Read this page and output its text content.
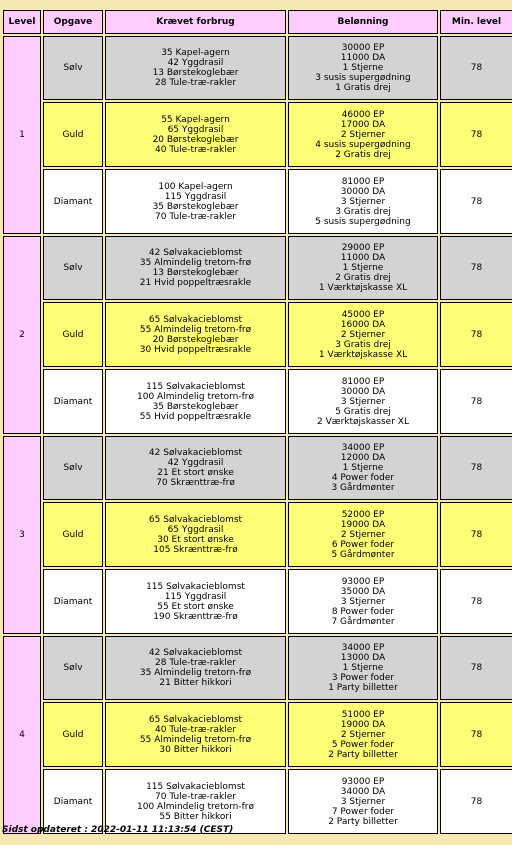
Level	Opgave	Krævet forbrug	Belønning	Min. level
1	Sølv	35 Kapel-agern
42 Yggdrasil
13 Børstekoglebær
28 Tule-træ-rakler	30000 EP
11000 DA
1 Stjerne
3 susis supergødning
1 Gratis drej	78
	Guld	55 Kapel-agern
65 Yggdrasil
20 Børstekoglebær
40 Tule-træ-rakler	46000 EP
17000 DA
2 Stjerner
4 susis supergødning
2 Gratis drej	78
	Diamant	100 Kapel-agern
115 Yggdrasil
35 Børstekoglebær
70 Tule-træ-rakler	81000 EP
30000 DA
3 Stjerner
3 Gratis drej
5 susis supergødning	78
2	Sølv	42 Sølvakacieblomst
35 Almindelig tretorn-frø
13 Børstekoglebær
21 Hvid poppeltræsrakle	29000 EP
11000 DA
1 Stjerne
2 Gratis drej
1 Værktøjskasse XL	78
	Guld	65 Sølvakacieblomst
55 Almindelig tretorn-frø
20 Børstekoglebær
30 Hvid poppeltræsrakle	45000 EP
16000 DA
2 Stjerner
3 Gratis drej
1 Værktøjskasse XL	78
	Diamant	115 Sølvakacieblomst
100 Almindelig tretorn-frø
35 Børstekoglebær
55 Hvid poppeltræsrakle	81000 EP
30000 DA
3 Stjerner
5 Gratis drej
2 Værktøjskasser XL	78
3	Sølv	42 Sølvakacieblomst
42 Yggdrasil
21 Et stort ønske
70 Skrænttræ-frø	34000 EP
12000 DA
1 Stjerne
4 Power foder
3 Gårdmønter	78
	Guld	65 Sølvakacieblomst
65 Yggdrasil
30 Et stort ønske
105 Skrænttræ-frø	52000 EP
19000 DA
2 Stjerner
6 Power foder
5 Gårdmønter	78
	Diamant	115 Sølvakacieblomst
115 Yggdrasil
55 Et stort ønske
190 Skrænttræ-frø	93000 EP
35000 DA
3 Stjerner
8 Power foder
7 Gårdmønter	78
4	Sølv	42 Sølvakacieblomst
28 Tule-træ-rakler
35 Almindelig tretorn-frø
21 Bitter hikkori	34000 EP
13000 DA
1 Stjerne
3 Power foder
1 Party billetter	78
	Guld	65 Sølvakacieblomst
40 Tule-træ-rakler
55 Almindelig tretorn-frø
30 Bitter hikkori	51000 EP
19000 DA
2 Stjerner
5 Power foder
2 Party billetter	78
	Diamant	115 Sølvakacieblomst
70 Tule-træ-rakler
100 Almindelig tretorn-frø
55 Bitter hikkori	93000 EP
34000 DA
3 Stjerner
7 Power foder
2 Party billetter	78
Sidst opdateret : 2022-01-11 11:13:54 (CEST)
